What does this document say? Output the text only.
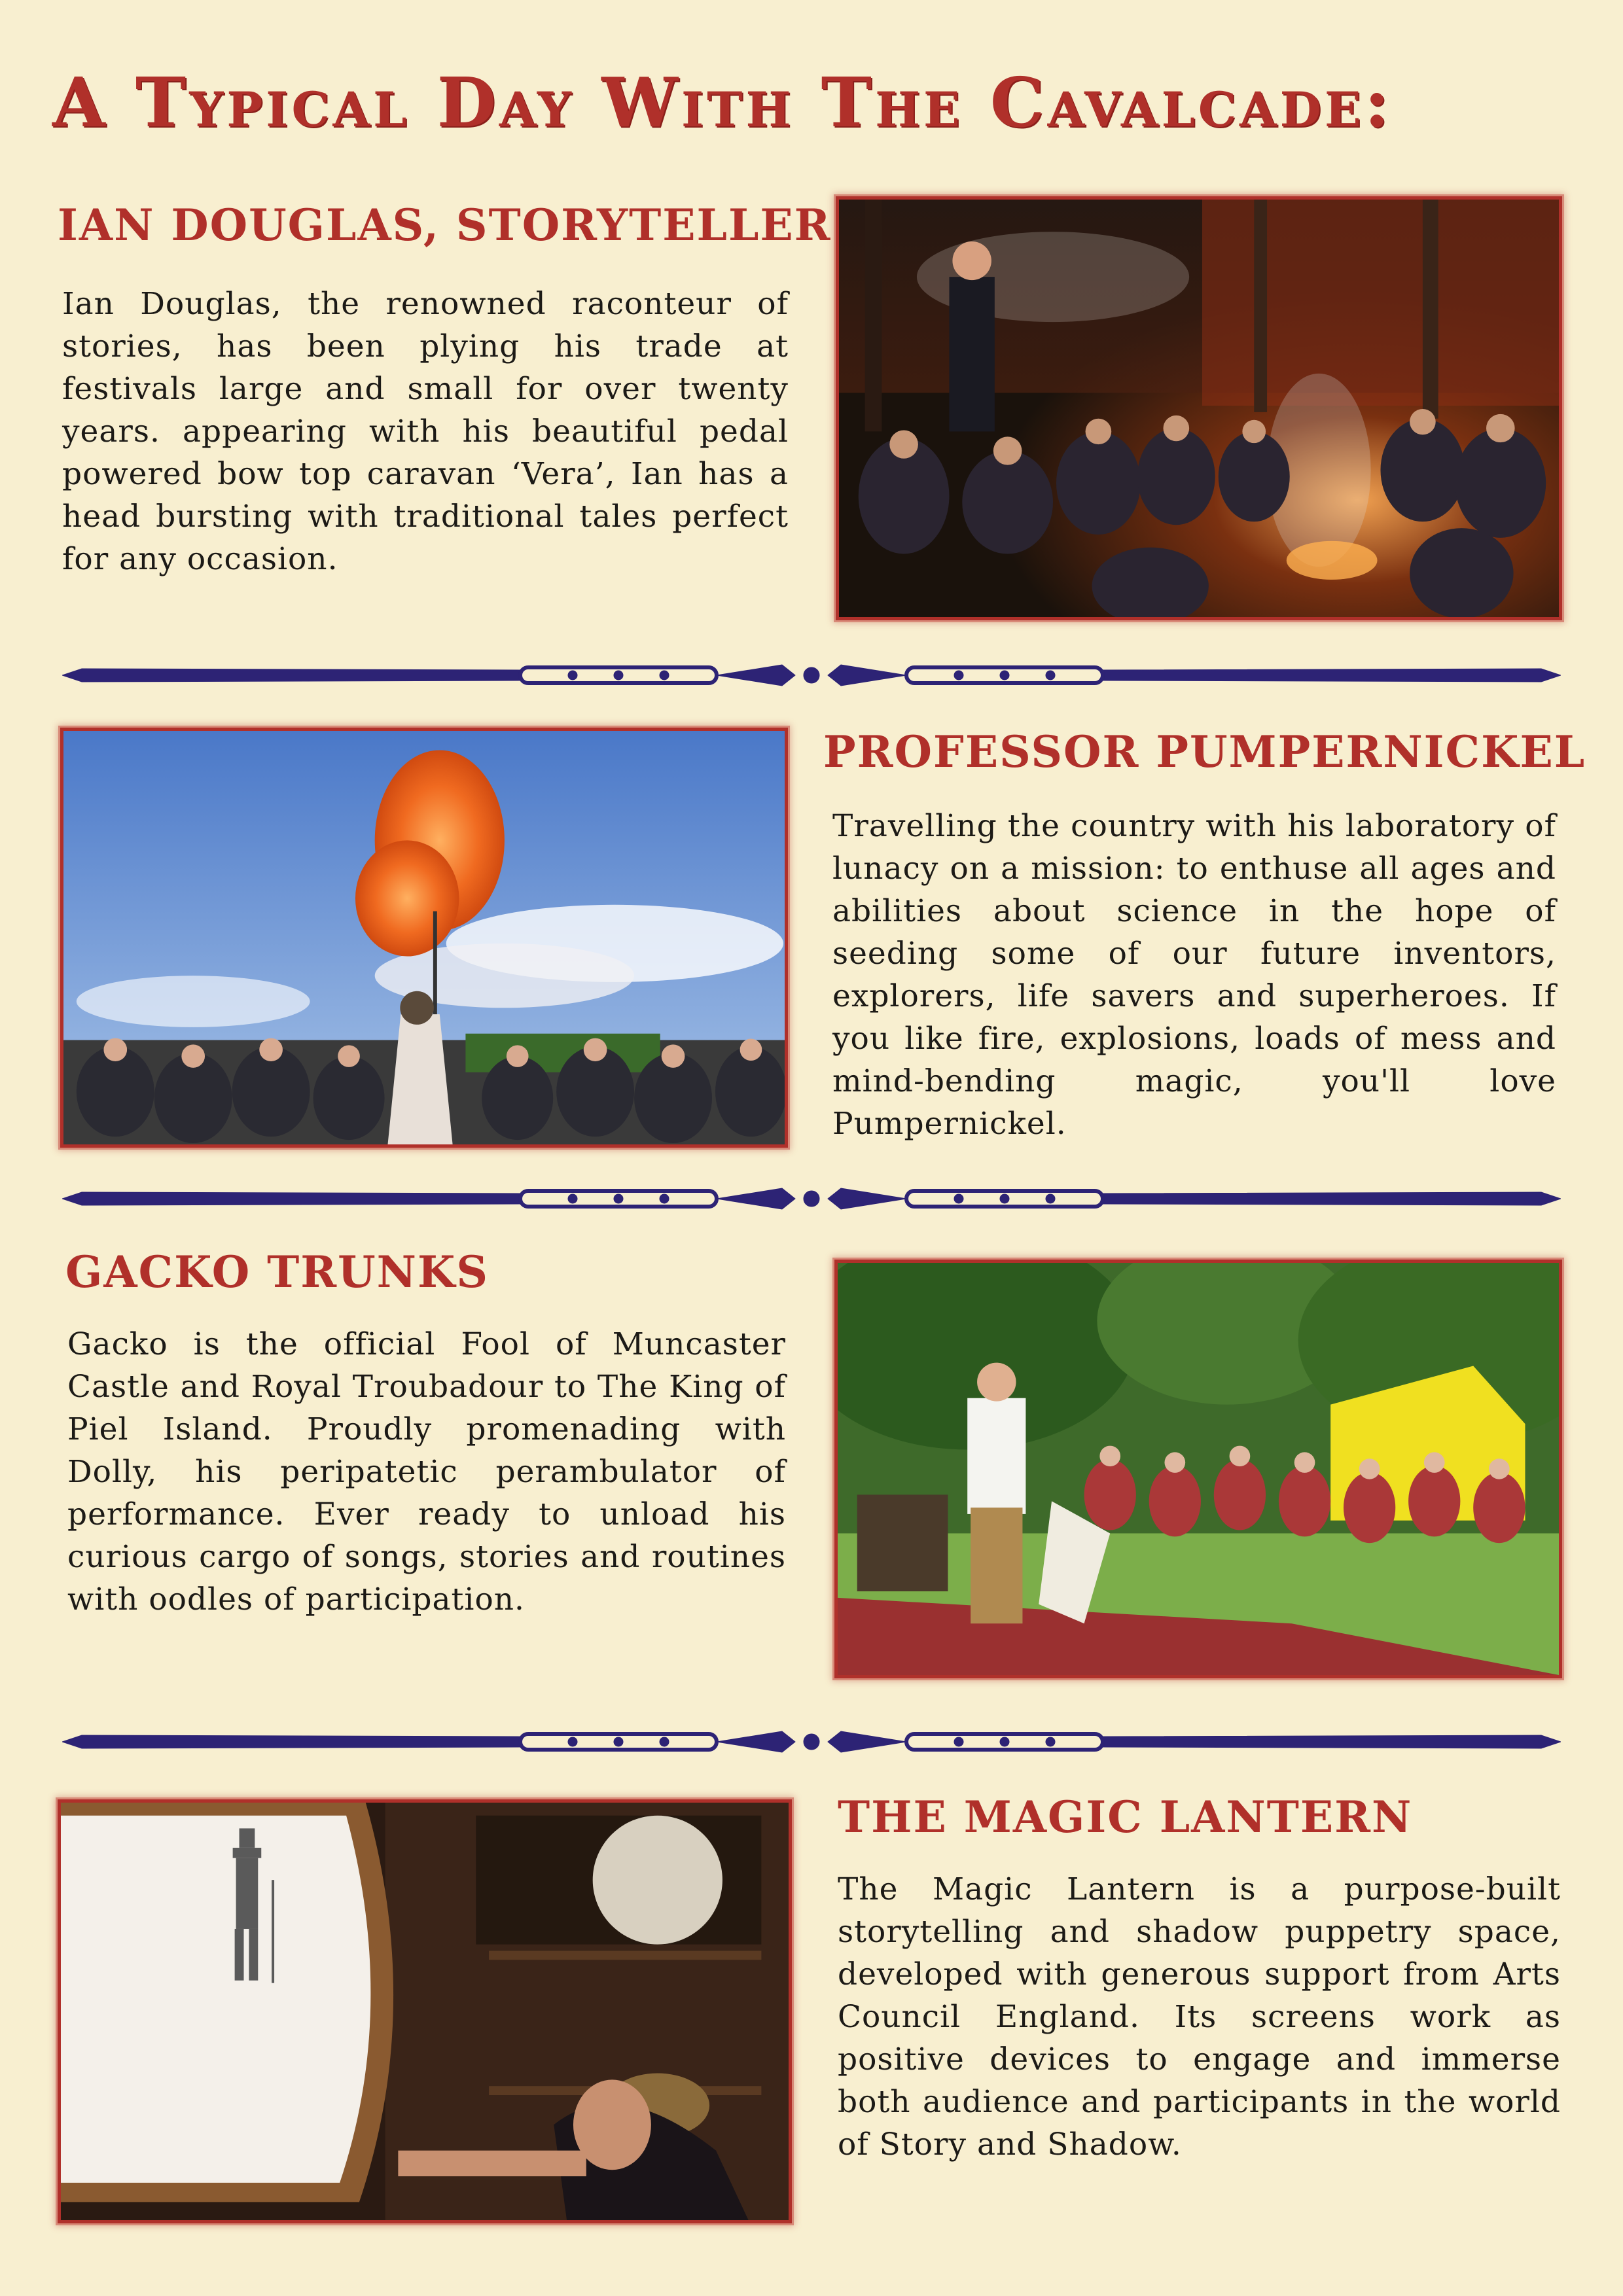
A Typical Day With The Cavalcade:
IAN DOUGLAS, STORYTELLER
Ian Douglas, the renowned raconteur of stories, has been plying his trade at festivals large and small for over twenty years. appearing with his beautiful pedal powered bow top caravan ‘Vera’, Ian has a head bursting with traditional tales perfect for any occasion.
PROFESSOR PUMPERNICKEL
Travelling the country with his laboratory of lunacy on a mission: to enthuse all ages and abilities about science in the hope of seeding some of our future inventors, explorers, life savers and superheroes. If you like fire, explosions, loads of mess and mind-bending magic, you'll love Pumpernickel.
GACKO TRUNKS
Gacko is the official Fool of Muncaster Castle and Royal Troubadour to The King of Piel Island. Proudly promenading with Dolly, his peripatetic perambulator of performance. Ever ready to unload his curious cargo of songs, stories and routines with oodles of participation.
THE MAGIC LANTERN
The Magic Lantern is a purpose-built storytelling and shadow puppetry space, developed with generous support from Arts Council England. Its screens work as positive devices to engage and immerse both audience and participants in the world of Story and Shadow.
